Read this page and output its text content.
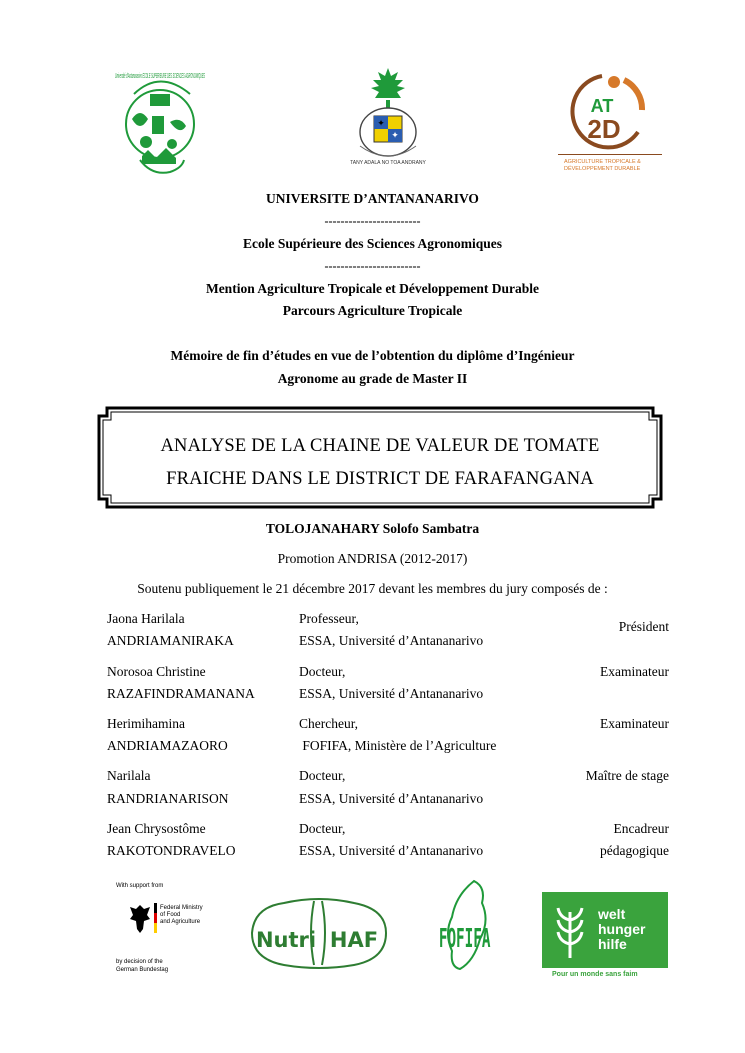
Université d'Antananarivo ECOLE SUPERIEURE DES SCIENCES AGRONOMIQUES
✦
✦
TANY ADALA NO TOA ANDRANY
AT
2D
AGRICULTURE TROPICALE &
DÉVELOPPEMENT DURABLE
UNIVERSITE D’ANTANANARIVO
------------------------
Ecole Supérieure des Sciences Agronomiques
------------------------
Mention Agriculture Tropicale et Développement Durable
Parcours Agriculture Tropicale
Mémoire de fin d’études en vue de l’obtention du diplôme d’Ingénieur
Agronome au grade de Master II
ANALYSE DE LA CHAINE DE VALEUR DE TOMATE
FRAICHE DANS LE DISTRICT DE FARAFANGANA
TOLOJANAHARY Solofo Sambatra
Promotion ANDRISA (2012-2017)
Soutenu publiquement le 21 décembre 2017 devant les membres du jury composés de :
Jaona Harilala
ANDRIAMANIRAKA
Professeur,
ESSA, Université d’Antananarivo
Président
Norosoa Christine
RAZAFINDRAMANANA
Docteur,
ESSA, Université d’Antananarivo
Examinateur
Herimihamina
ANDRIAMAZAORO
Chercheur,
FOFIFA, Ministère de l’Agriculture
Examinateur
Narilala
RANDRIANARISON
Docteur,
ESSA, Université d’Antananarivo
Maître de stage
Jean Chrysostôme
RAKOTONDRAVELO
Docteur,
ESSA, Université d’Antananarivo
Encadreur
pédagogique
With support from
Federal Ministry
of Food
and Agriculture
by decision of the
German Bundestag
Nutri HAF FOFIFA
welt
hunger
hilfe
Pour un monde sans faim
